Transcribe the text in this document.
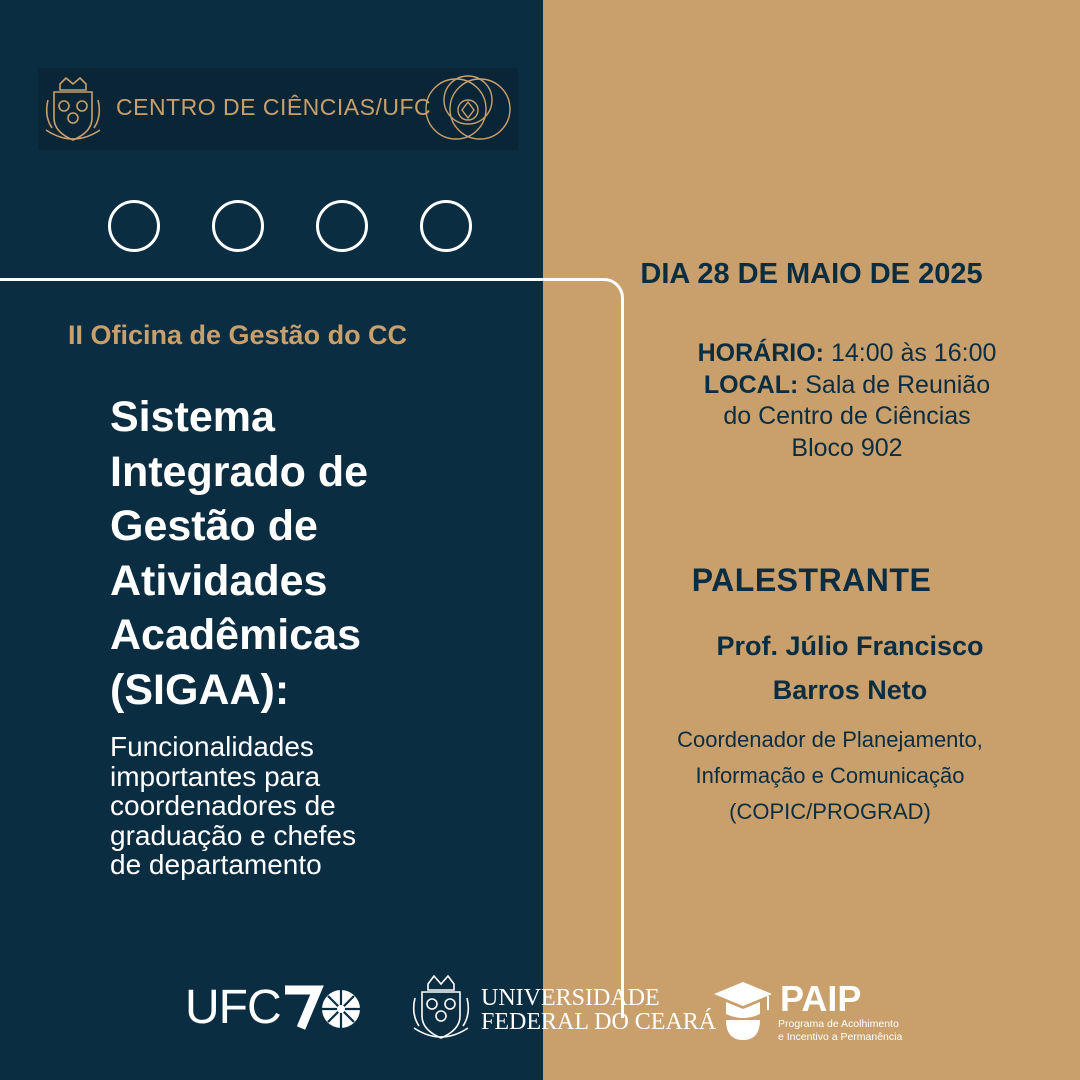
CENTRO DE CIÊNCIAS/UFC
II Oficina de Gestão do CC
Sistema
Integrado de
Gestão de
Atividades
Acadêmicas
(SIGAA):
Funcionalidades
importantes para
coordenadores de
graduação e chefes
de departamento
DIA 28 DE MAIO DE 2025
HORÁRIO: 14:00 às 16:00
LOCAL: Sala de Reunião
do Centro de Ciências
Bloco 902
PALESTRANTE
Prof. Júlio Francisco
Barros Neto
Coordenador de Planejamento,
Informação e Comunicação
(COPIC/PROGRAD)
UFC	UNIVERSIDADE
FEDERAL DO CEARÁ
PAIP
Programa de Acolhimento
e Incentivo a Permanência
